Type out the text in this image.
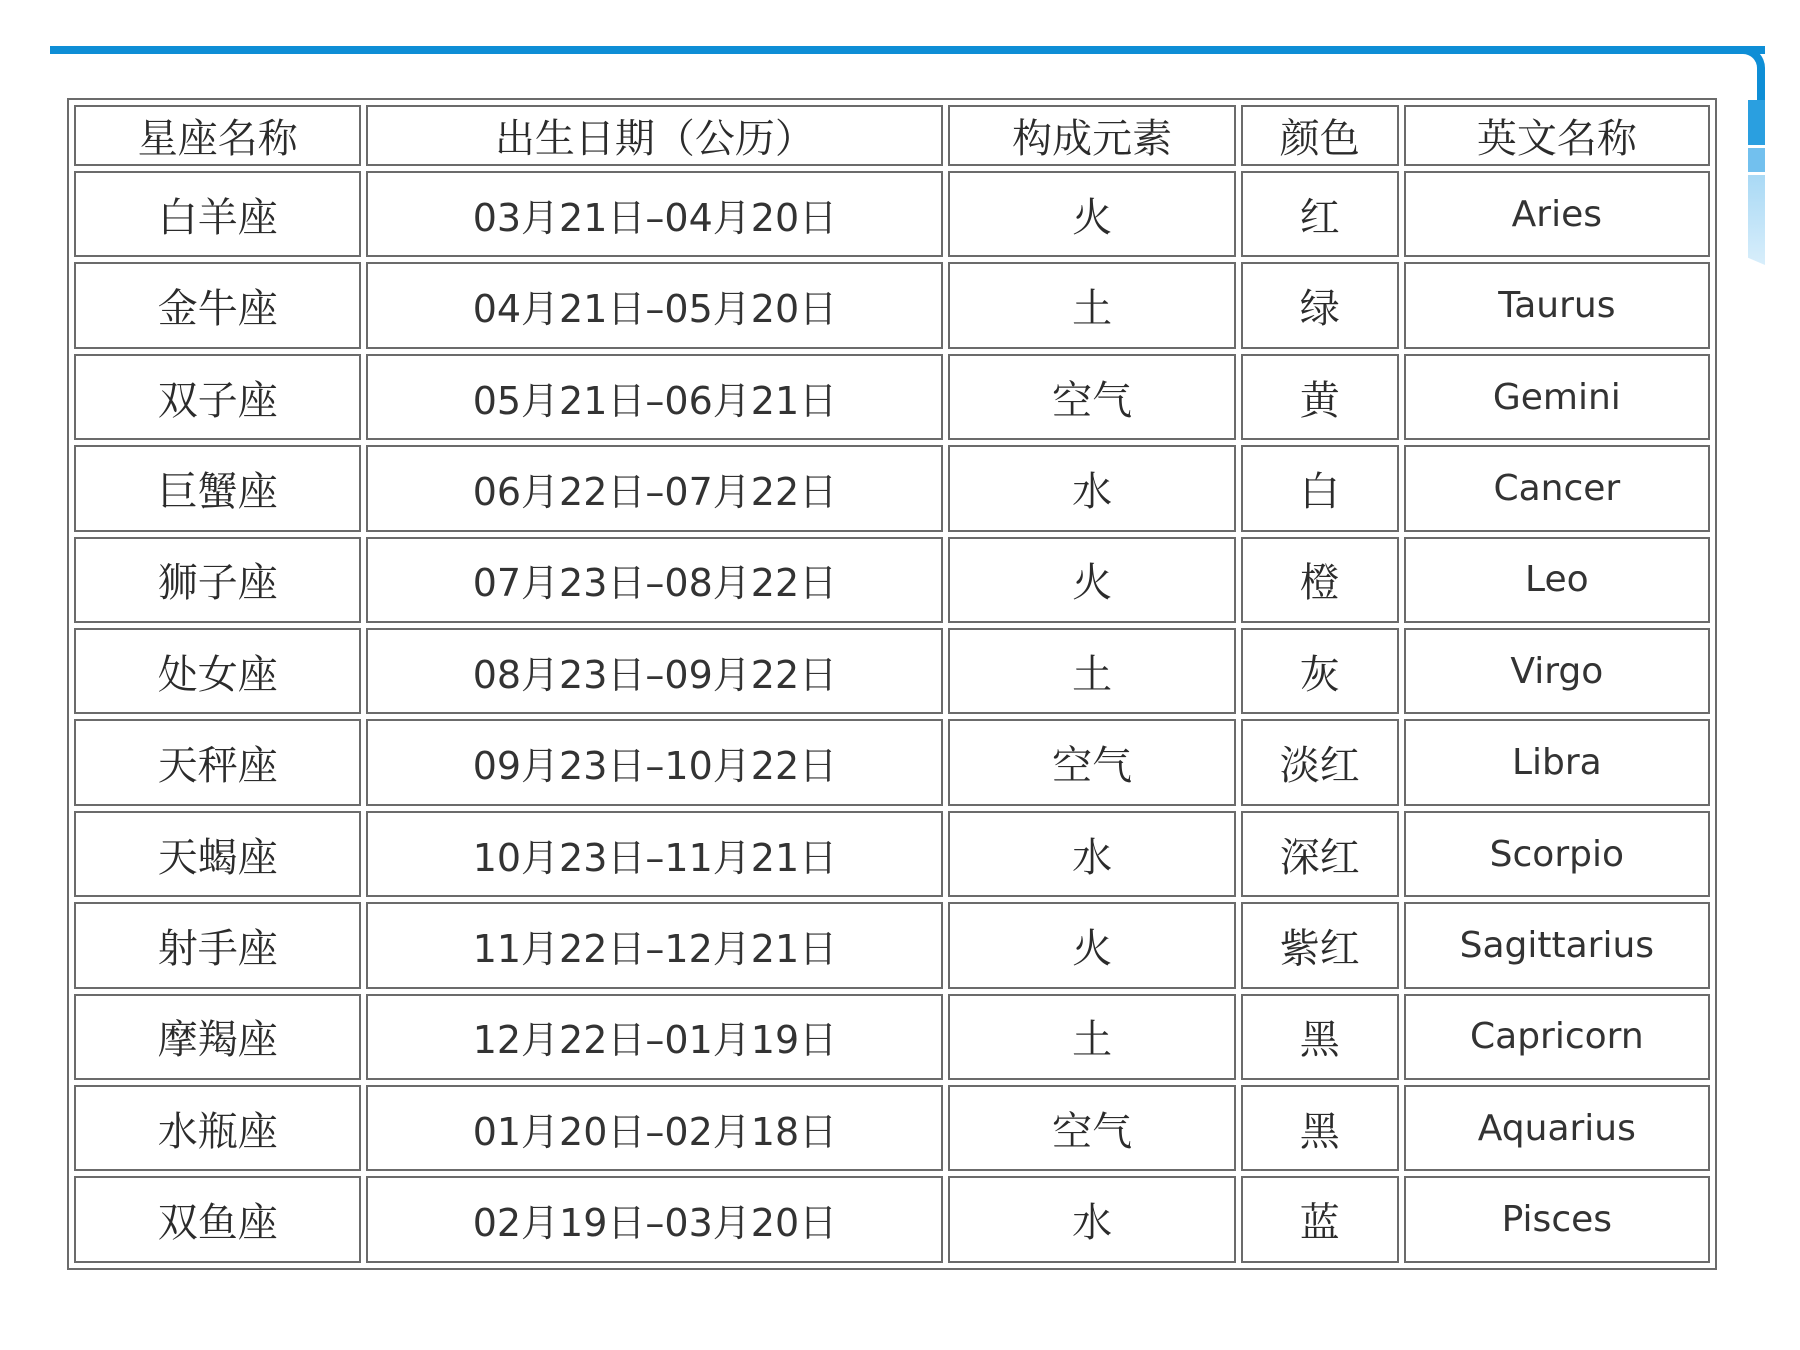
星座名称	出生日期（公历）	构成元素	颜色	英文名称
白羊座	03月21日–04月20日	火	红	Aries
金牛座	04月21日–05月20日	土	绿	Taurus
双子座	05月21日–06月21日	空气	黄	Gemini
巨蟹座	06月22日–07月22日	水	白	Cancer
狮子座	07月23日–08月22日	火	橙	Leo
处女座	08月23日–09月22日	土	灰	Virgo
天秤座	09月23日–10月22日	空气	淡红	Libra
天蝎座	10月23日–11月21日	水	深红	Scorpio
射手座	11月22日–12月21日	火	紫红	Sagittarius
摩羯座	12月22日–01月19日	土	黑	Capricorn
水瓶座	01月20日–02月18日	空气	黑	Aquarius
双鱼座	02月19日–03月20日	水	蓝	Pisces
